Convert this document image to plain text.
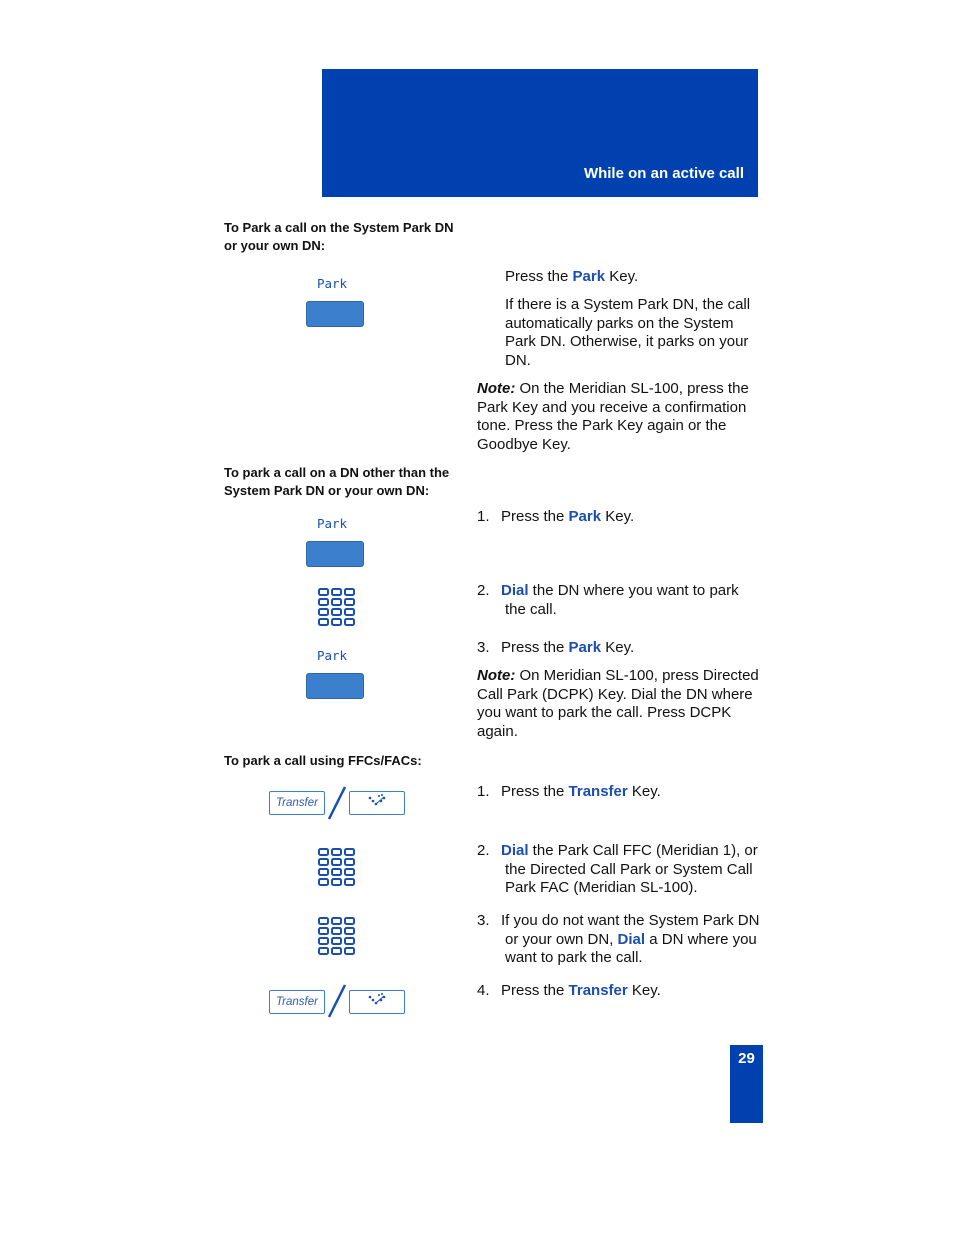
While on an active call
To Park a call on the System Park DN
or your own DN:
Park	Press the Park Key.
If there is a System Park DN, the call
automatically parks on the System
Park DN. Otherwise, it parks on your
DN.
Note: On the Meridian SL-100, press the
Park Key and you receive a confirmation
tone. Press the Park Key again or the
Goodbye Key.
To park a call on a DN other than the
System Park DN or your own DN:
Park
Park
1. Press the Park Key.
2. Dial the DN where you want to park
the call.
3. Press the Park Key.
Note: On Meridian SL-100, press Directed
Call Park (DCPK) Key. Dial the DN where
you want to park the call. Press DCPK
again.
To park a call using FFCs/FACs:
Transfer
Transfer
1. Press the Transfer Key.
2. Dial the Park Call FFC (Meridian 1), or
the Directed Call Park or System Call
Park FAC (Meridian SL-100).
3. If you do not want the System Park DN
or your own DN, Dial a DN where you
want to park the call.
4. Press the Transfer Key.
29
